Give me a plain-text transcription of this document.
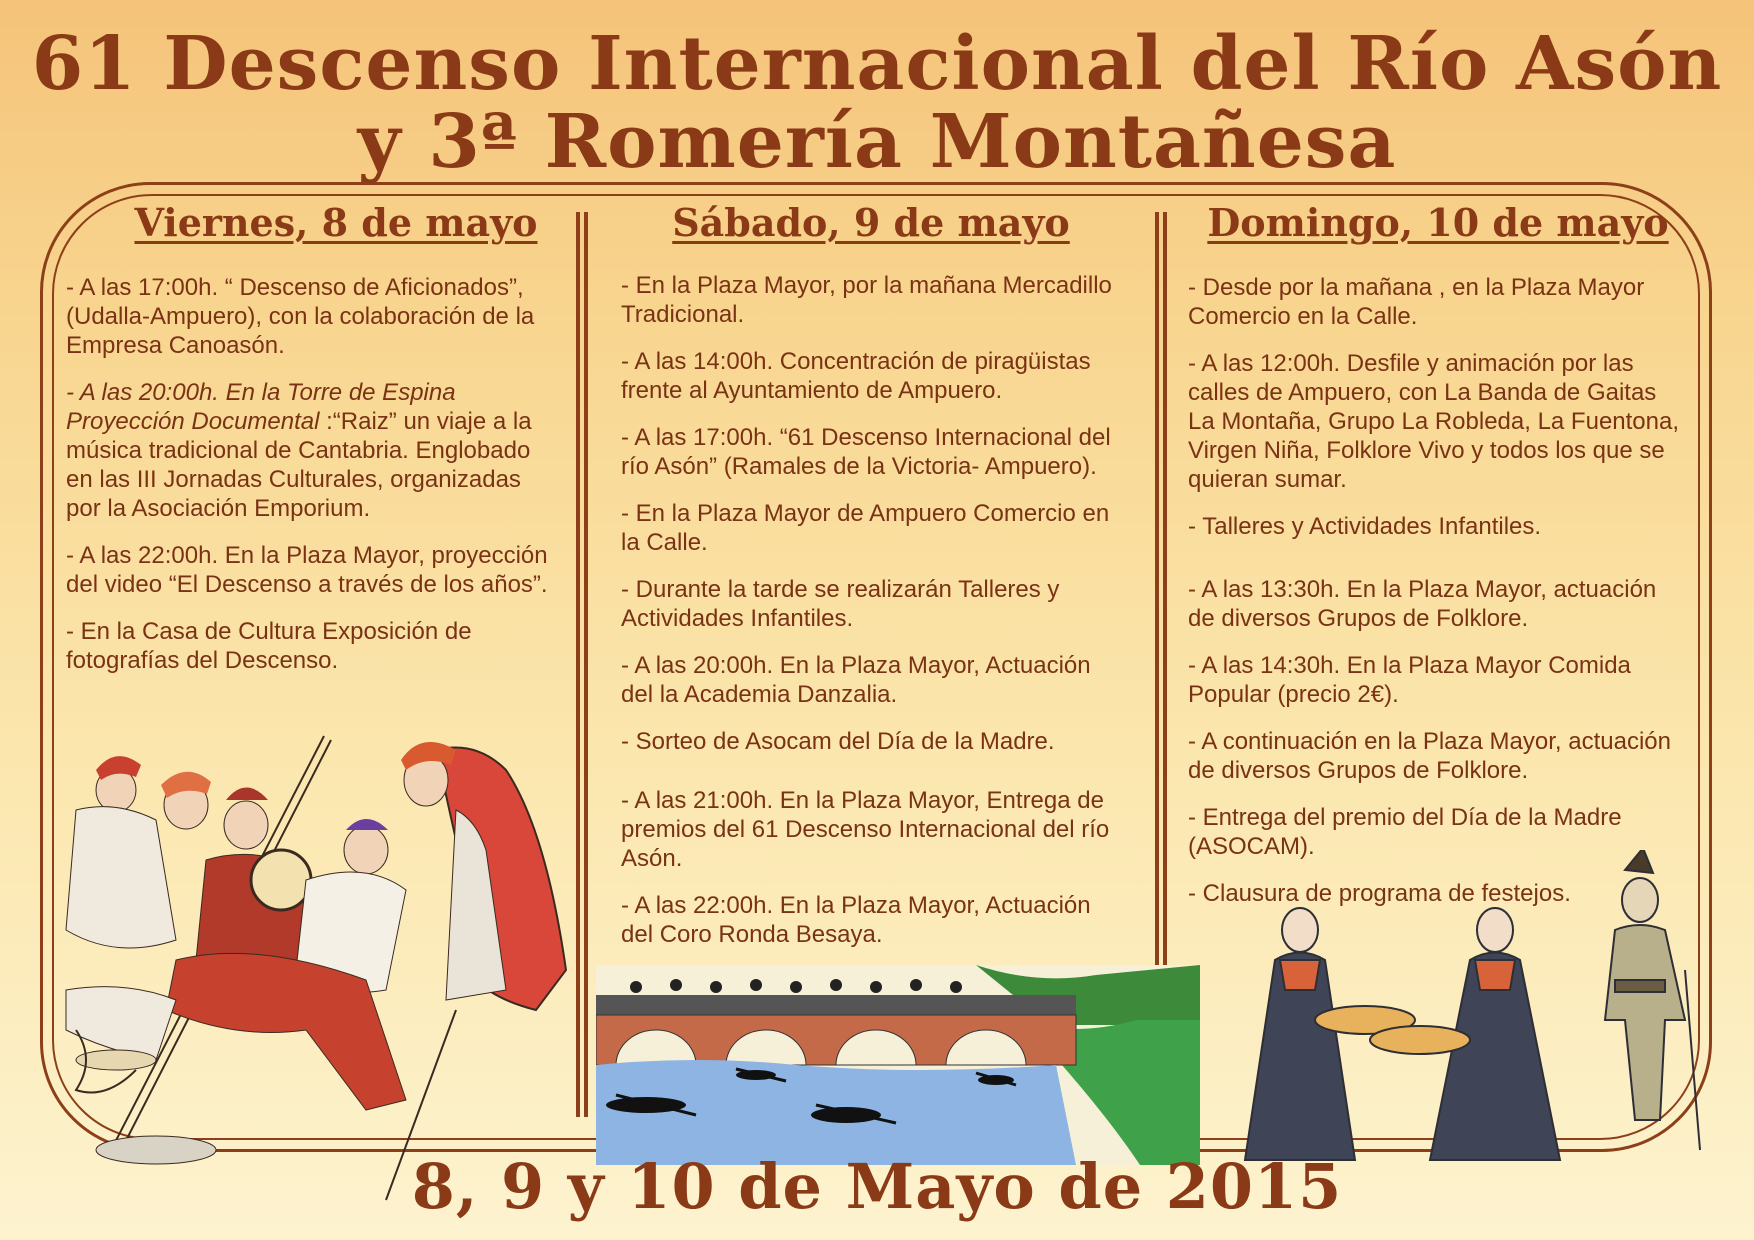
61 Descenso Internacional del Río Asón
y 3ª Romería Montañesa
Viernes, 8 de mayo
- A las 17:00h. “ Descenso de Aficionados”, (Udalla-Ampuero), con la colaboración de la Empresa Canoasón.
- A las 20:00h. En la Torre de Espina Proyección Documental :“Raiz” un viaje a la música tradicional de Cantabria. Englobado en las III Jornadas Culturales, organizadas por la Asociación Emporium.
- A las 22:00h. En la Plaza Mayor, proyección del video “El Descenso a través de los años”.
- En la Casa de Cultura Exposición de fotografías del Descenso.
Sábado, 9 de mayo
- En la Plaza Mayor, por la mañana Mercadillo Tradicional.
- A las 14:00h. Concentración de piragüistas frente al Ayuntamiento de Ampuero.
- A las 17:00h. “61 Descenso Internacional del río Asón” (Ramales de la Victoria- Ampuero).
- En la Plaza Mayor de Ampuero Comercio en la Calle.
- Durante la tarde se realizarán Talleres y Actividades Infantiles.
- A las 20:00h. En la Plaza Mayor, Actuación del la Academia Danzalia.
- Sorteo de Asocam del Día de la Madre.
- A las 21:00h. En la Plaza Mayor, Entrega de premios del 61 Descenso Internacional del río Asón.
- A las 22:00h. En la Plaza Mayor, Actuación del Coro Ronda Besaya.
Domingo, 10 de mayo
- Desde por la mañana , en la Plaza Mayor Comercio en la Calle.
- A las 12:00h. Desfile y animación por las calles de Ampuero, con La Banda de Gaitas La Montaña, Grupo La Robleda, La Fuentona, Virgen Niña, Folklore Vivo y todos los que se quieran sumar.
- Talleres y Actividades Infantiles.
- A las 13:30h. En la Plaza Mayor, actuación de diversos Grupos de Folklore.
- A las 14:30h. En la Plaza Mayor Comida Popular (precio 2€).
- A continuación en la Plaza Mayor, actuación de diversos Grupos de Folklore.
- Entrega del premio del Día de la Madre (ASOCAM).
- Clausura de programa de festejos.

8, 9 y 10 de Mayo de 2015
